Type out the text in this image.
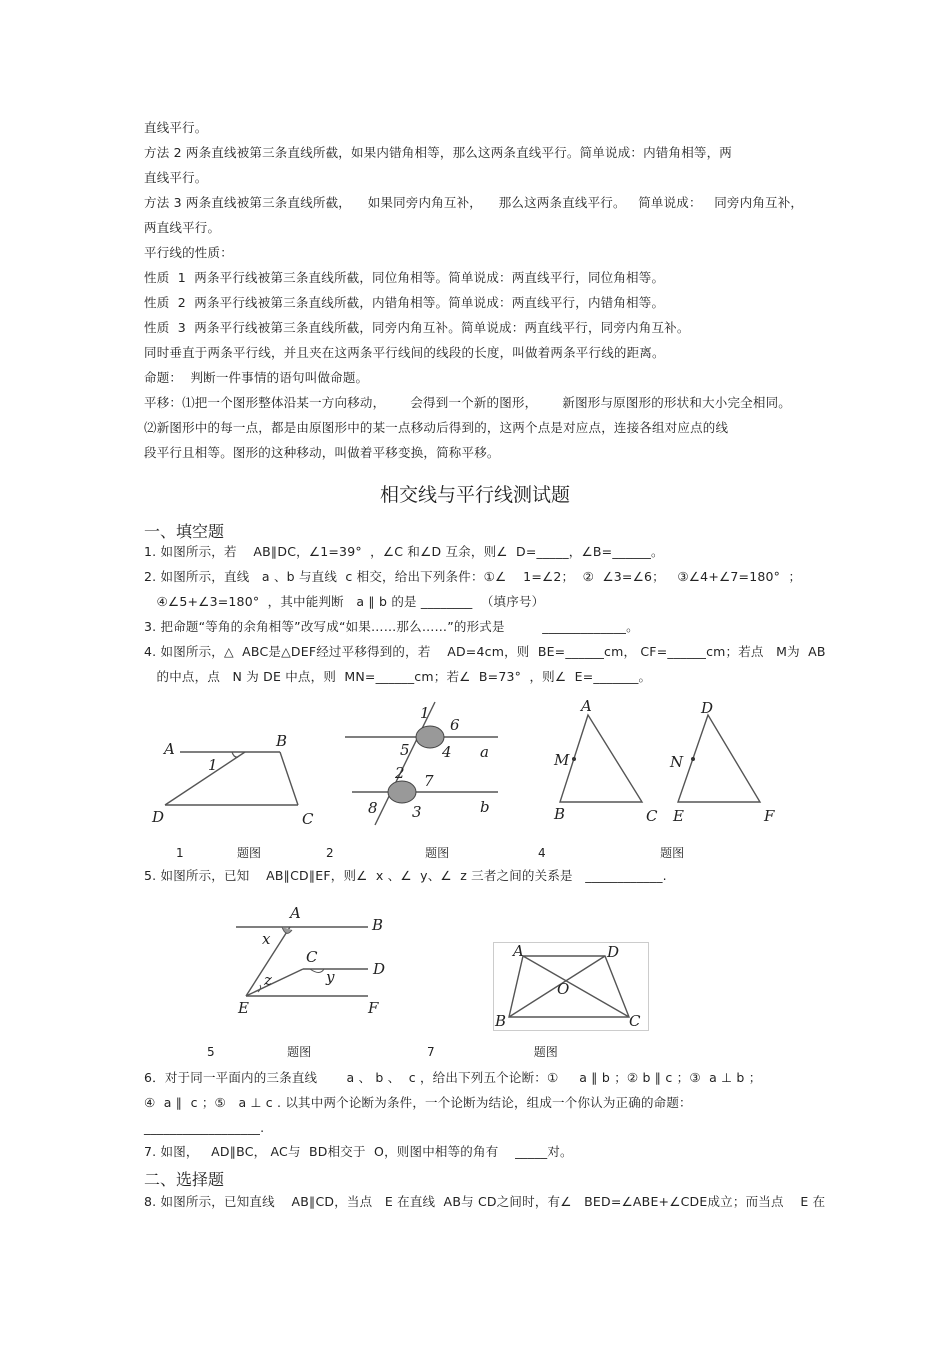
直线平行。
方法 2 两条直线被第三条直线所截，如果内错角相等，那么这两条直线平行。简单说成：内错角相等，两
直线平行。
方法 3 两条直线被第三条直线所截，    如果同旁内角互补，    那么这两条直线平行。   简单说成：   同旁内角互补，
两直线平行。
平行线的性质：
性质  1  两条平行线被第三条直线所截，同位角相等。简单说成：两直线平行，同位角相等。
性质  2  两条平行线被第三条直线所截，内错角相等。简单说成：两直线平行，内错角相等。
性质  3  两条平行线被第三条直线所截，同旁内角互补。简单说成：两直线平行，同旁内角互补。
同时垂直于两条平行线，并且夹在这两条平行线间的线段的长度，叫做着两条平行线的距离。
命题：  判断一件事情的语句叫做命题。
平移：⑴把一个图形整体沿某一方向移动，      会得到一个新的图形，      新图形与原图形的形状和大小完全相同。
⑵新图形中的每一点，都是由原图形中的某一点移动后得到的，这两个点是对应点，连接各组对应点的线
段平行且相等。图形的这种移动，叫做着平移变换，简称平移。
相交线与平行线测试题
一、填空题
1. 如图所示，若    AB∥DC，∠1=39°  ，∠C 和∠D 互余，则∠  D=_____，∠B=______。
2. 如图所示，直线   a 、b 与直线  c 相交，给出下列条件：①∠    1=∠2；  ②  ∠3=∠6；   ③∠4+∠7=180°  ；
④∠5+∠3=180°  ，其中能判断   a ∥ b 的是 ________  （填序号）
3. 把命题“等角的余角相等”改写成“如果……那么……”的形式是         _____________。
4. 如图所示，△  ABC是△DEF经过平移得到的，若    AD=4cm，则  BE=______cm， CF=______cm；若点   M为  AB
的中点，点   N 为 DE 中点，则  MN=______cm；若∠  B=73°  ，则∠  E=_______。
A	B
C
D
1
1
6
5 4 a
2 7
8 3	b
A
M
B	C
D
N
E	F
1              题图	2                        题图	4                              题图
5. 如图所示，已知    AB∥CD∥EF，则∠  x 、∠  y、∠  z 三者之间的关系是   ____________.
A
B
C
D
E	F
x
y
z
A	D
O
B	C
5                   题图	7                          题图
6．对于同一平面内的三条直线       a 、 b 、  c ，给出下列五个论断：①     a ∥ b ；② b ∥ c ；③  a ⊥ b ；
④  a ∥  c ；⑤   a ⊥ c . 以其中两个论断为条件，一个论断为结论，组成一个你认为正确的命题：
__________________.
7. 如图，   AD∥BC， AC与  BD相交于  O，则图中相等的角有    _____对。
二、选择题
8. 如图所示，已知直线    AB∥CD，当点   E 在直线  AB与 CD之间时，有∠   BED=∠ABE+∠CDE成立；而当点    E 在
